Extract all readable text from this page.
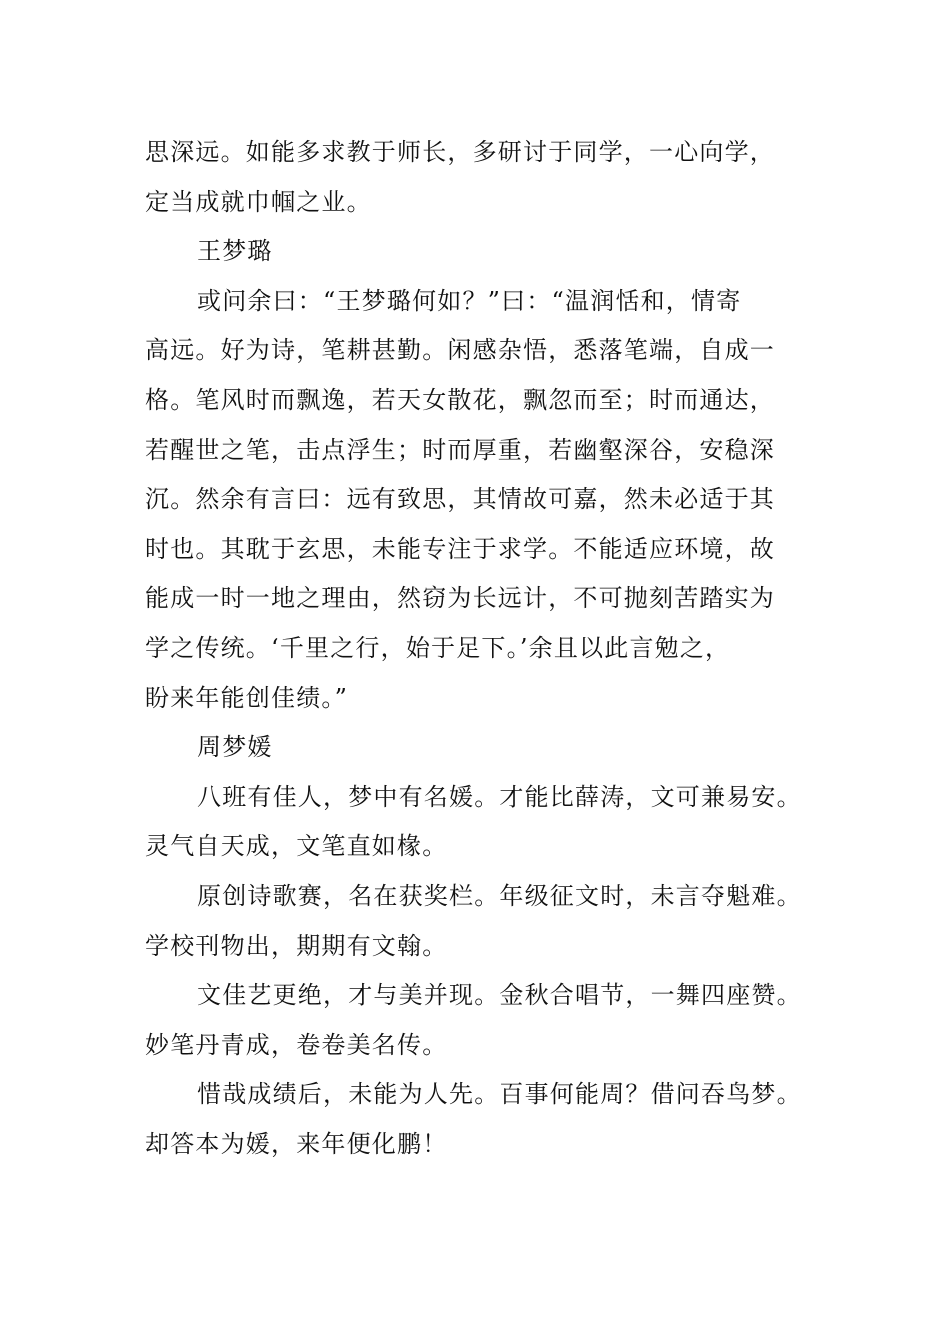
思深远。如能多求教于师长，多研讨于同学，一心向学，
定当成就巾帼之业。
王梦璐
或问余曰：“王梦璐何如？”曰：“温润恬和，情寄
高远。好为诗，笔耕甚勤。闲感杂悟，悉落笔端，自成一
格。笔风时而飘逸，若天女散花，飘忽而至；时而通达，
若醒世之笔，击点浮生；时而厚重，若幽壑深谷，安稳深
沉。然余有言曰：远有致思，其情故可嘉，然未必适于其
时也。其耽于玄思，未能专注于求学。不能适应环境，故
能成一时一地之理由，然窃为长远计，不可抛刻苦踏实为
学之传统。‘千里之行，始于足下。’余且以此言勉之，
盼来年能创佳绩。”
周梦媛
八班有佳人，梦中有名媛。才能比薛涛，文可兼易安。
灵气自天成，文笔直如椽。
原创诗歌赛，名在获奖栏。年级征文时，未言夺魁难。
学校刊物出，期期有文翰。
文佳艺更绝，才与美并现。金秋合唱节，一舞四座赞。
妙笔丹青成，卷卷美名传。
惜哉成绩后，未能为人先。百事何能周？借问吞鸟梦。
却答本为媛，来年便化鹏！
